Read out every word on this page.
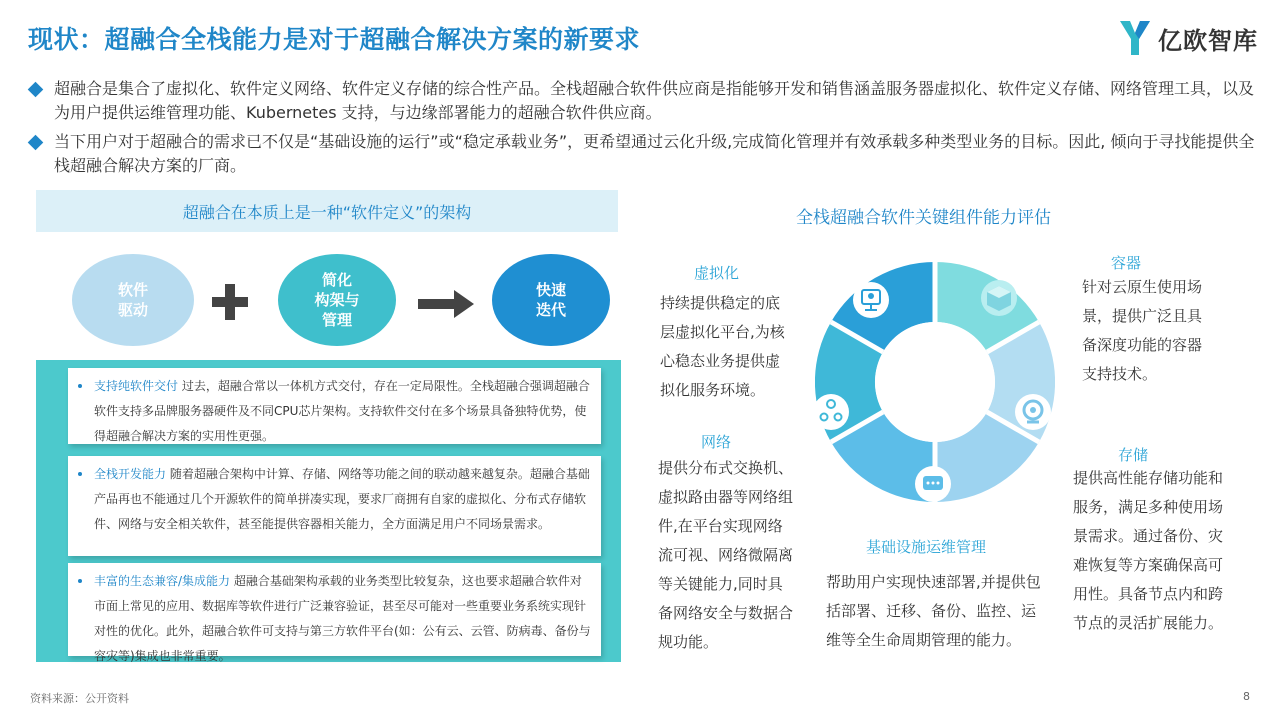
现状：超融合全栈能力是对于超融合解决方案的新要求	亿欧智库
超融合是集合了虚拟化、软件定义网络、软件定义存储的综合性产品。全栈超融合软件供应商是指能够开发和销售涵盖服务器虚拟化、软件定义存储、网络管理工具，以及为用户提供运维管理功能、Kubernetes 支持，与边缘部署能力的超融合软件供应商。
当下用户对于超融合的需求已不仅是“基础设施的运行”或“稳定承载业务”，更希望通过云化升级,完成简化管理并有效承载多种类型业务的目标。因此, 倾向于寻找能提供全栈超融合解决方案的厂商。
超融合在本质上是一种“软件定义”的架构
软件
驱动
简化
构架与
管理
快速
迭代
支持纯软件交付 过去，超融合常以一体机方式交付，存在一定局限性。全栈超融合强调超融合软件支持多品牌服务器硬件及不同CPU芯片架构。支持软件交付在多个场景具备独特优势，使得超融合解决方案的实用性更强。
全栈开发能力 随着超融合架构中计算、存储、网络等功能之间的联动越来越复杂。超融合基础产品再也不能通过几个开源软件的简单拼凑实现，要求厂商拥有自家的虚拟化、分布式存储软件、网络与安全相关软件，甚至能提供容器相关能力，全方面满足用户不同场景需求。
丰富的生态兼容/集成能力 超融合基础架构承载的业务类型比较复杂，这也要求超融合软件对市面上常见的应用、数据库等软件进行广泛兼容验证，甚至尽可能对一些重要业务系统实现针对性的优化。此外，超融合软件可支持与第三方软件平台(如：公有云、云管、防病毒、备份与容灾等)集成也非常重要。
全栈超融合软件关键组件能力评估
虚拟化
持续提供稳定的底层虚拟化平台,为核心稳态业务提供虚拟化服务环境。
容器
针对云原生使用场景，提供广泛且具备深度功能的容器支持技术。
网络
提供分布式交换机、虚拟路由器等网络组件,在平台实现网络流可视、网络微隔离等关键能力,同时具备网络安全与数据合规功能。
存储
提供高性能存储功能和服务，满足多种使用场景需求。通过备份、灾难恢复等方案确保高可用性。具备节点内和跨节点的灵活扩展能力。
基础设施运维管理
帮助用户实现快速部署,并提供包括部署、迁移、备份、监控、运维等全生命周期管理的能力。
资料来源：公开资料	8
